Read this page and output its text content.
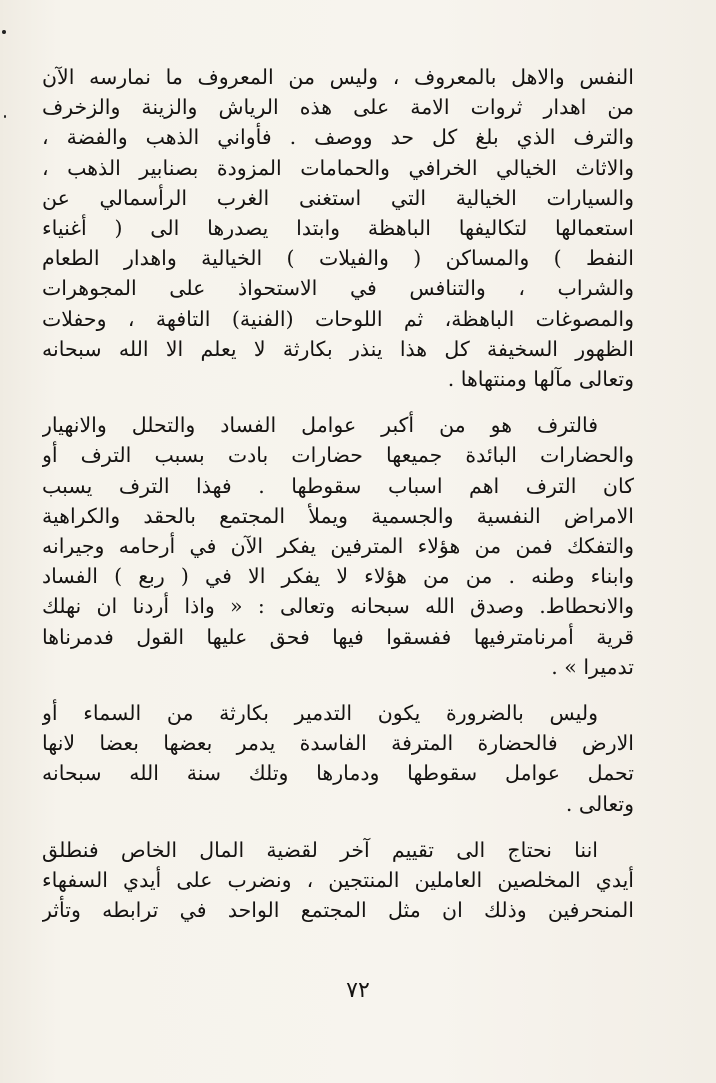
النفس والاهل بالمعروف ، وليس من المعروف ما نمارسه الآن
من اهدار ثروات الامة على هذه الرياش والزينة والزخرف
والترف الذي بلغ كل حد ووصف . فأواني الذهب والفضة ،
والاثاث الخيالي الخرافي والحمامات المزودة بصنابير الذهب ،
والسيارات الخيالية التي استغنى الغرب الرأسمالي عن
استعمالها لتكاليفها الباهظة وابتدا يصدرها الى ( أغنياء
النفط ) والمساكن ( والفيلات ) الخيالية واهدار الطعام
والشراب ، والتنافس في الاستحواذ على المجوهرات
والمصوغات الباهظة، ثم اللوحات (الفنية) التافهة ، وحفلات
الظهور السخيفة كل هذا ينذر بكارثة لا يعلم الا الله سبحانه
وتعالى مآلها ومنتهاها .

فالترف هو من أكبر عوامل الفساد والتحلل والانهيار
والحضارات البائدة جميعها حضارات بادت بسبب الترف أو
كان الترف اهم اسباب سقوطها . فهذا الترف يسبب
الامراض النفسية والجسمية ويملأ المجتمع بالحقد والكراهية
والتفكك فمن من هؤلاء المترفين يفكر الآن في أرحامه وجيرانه
وابناء وطنه . من من هؤلاء لا يفكر الا في ( ربع ) الفساد
والانحطاط. وصدق الله سبحانه وتعالى : « واذا أردنا ان نهلك
قرية أمرنامترفيها ففسقوا فيها فحق عليها القول فدمرناها
تدميرا » .

وليس بالضرورة يكون التدمير بكارثة من السماء أو
الارض فالحضارة المترفة الفاسدة يدمر بعضها بعضا لانها
تحمل عوامل سقوطها ودمارها وتلك سنة الله سبحانه
وتعالى .

اننا نحتاج الى تقييم آخر لقضية المال الخاص فنطلق
أيدي المخلصين العاملين المنتجين ، ونضرب على أيدي السفهاء
المنحرفين وذلك ان مثل المجتمع الواحد في ترابطه وتأثر

٧٢
